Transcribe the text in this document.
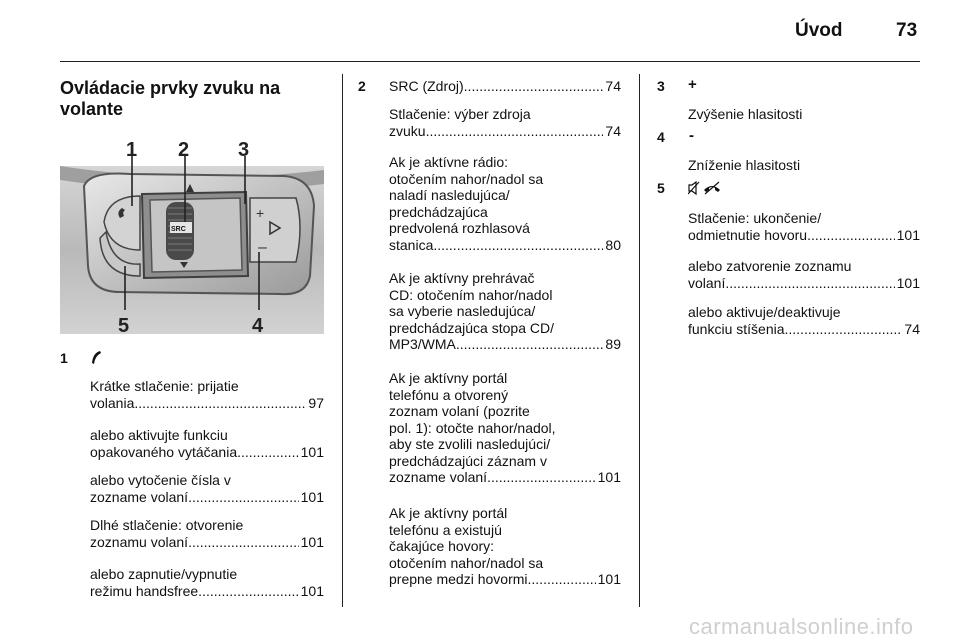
Úvod	73
Ovládacie prvky zvuku na volante
SRC
+
–
1 2 3
5	4
1
Krátke stlačenie: prijatie
volania .....	97
alebo aktivujte funkciu
opakovaného vytáčania .....	101
alebo vytočenie čísla v
zozname volaní .....	101
Dlhé stlačenie: otvorenie
zoznamu volaní .....	101
alebo zapnutie/vypnutie
režimu handsfree .....	101
2 SRC (Zdroj) .....	74
Stlačenie: výber zdroja
zvuku .....	74
Ak je aktívne rádio:
otočením nahor/nadol sa
naladí nasledujúca/
predchádzajúca
predvolená rozhlasová
stanica .....	80
Ak je aktívny prehrávač
CD: otočením nahor/nadol
sa vyberie nasledujúca/
predchádzajúca stopa CD/
MP3/WMA .....	89
Ak je aktívny portál
telefónu a otvorený
zoznam volaní (pozrite
pol. 1): otočte nahor/nadol,
aby ste zvolili nasledujúci/
predchádzajúci záznam v
zozname volaní .....	101
Ak je aktívny portál
telefónu a existujú
čakajúce hovory:
otočením nahor/nadol sa
prepne medzi hovormi .....	101
3 +
Zvýšenie hlasitosti
4 -
Zníženie hlasitosti
5
Stlačenie: ukončenie/
odmietnutie hovoru .....	101
alebo zatvorenie zoznamu
volaní .....	101
alebo aktivuje/deaktivuje
funkciu stíšenia .....	74
carmanualsonline.info
